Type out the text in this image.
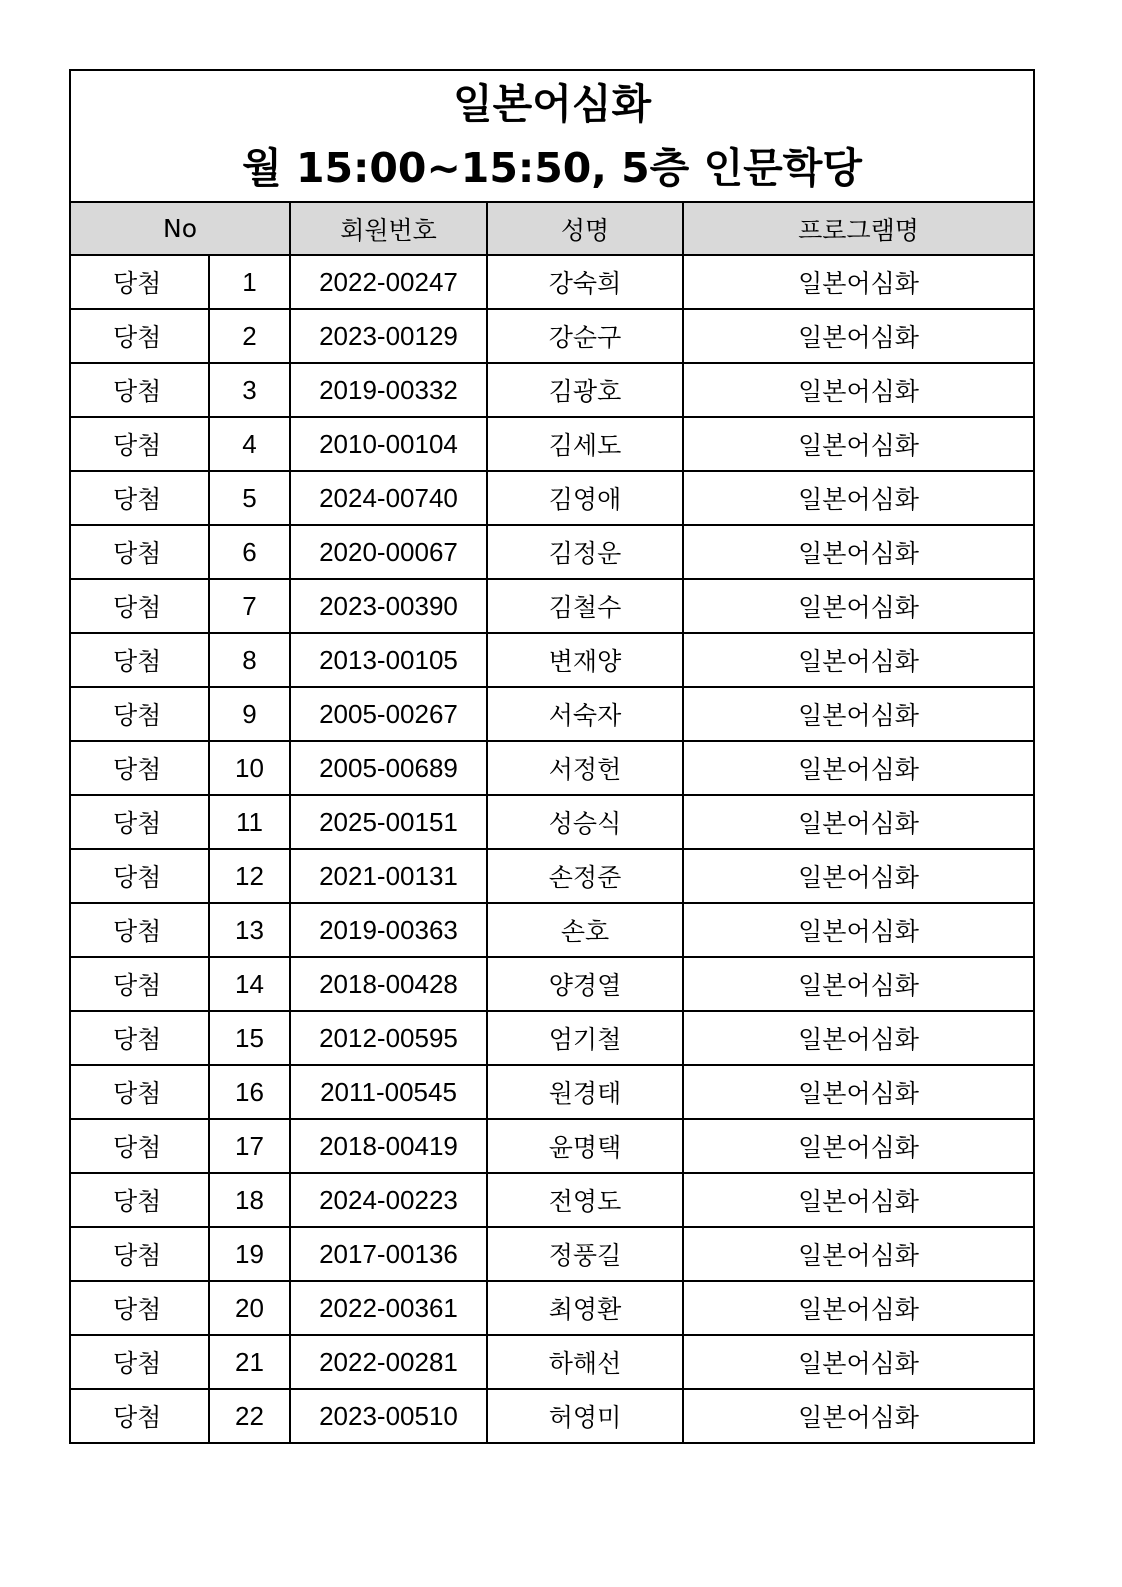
일본어심화
월 15:00~15:50, 5층 인문학당				

No		회원번호	성명	프로그램명
당첨	1	2022-00247	강숙희	일본어심화
당첨	2	2023-00129	강순구	일본어심화
당첨	3	2019-00332	김광호	일본어심화
당첨	4	2010-00104	김세도	일본어심화
당첨	5	2024-00740	김영애	일본어심화
당첨	6	2020-00067	김정운	일본어심화
당첨	7	2023-00390	김철수	일본어심화
당첨	8	2013-00105	변재양	일본어심화
당첨	9	2005-00267	서숙자	일본어심화
당첨	10	2005-00689	서정헌	일본어심화
당첨	11	2025-00151	성승식	일본어심화
당첨	12	2021-00131	손정준	일본어심화
당첨	13	2019-00363	손호	일본어심화
당첨	14	2018-00428	양경열	일본어심화
당첨	15	2012-00595	엄기철	일본어심화
당첨	16	2011-00545	원경태	일본어심화
당첨	17	2018-00419	윤명택	일본어심화
당첨	18	2024-00223	전영도	일본어심화
당첨	19	2017-00136	정풍길	일본어심화
당첨	20	2022-00361	최영환	일본어심화
당첨	21	2022-00281	하해선	일본어심화
당첨	22	2023-00510	허영미	일본어심화
